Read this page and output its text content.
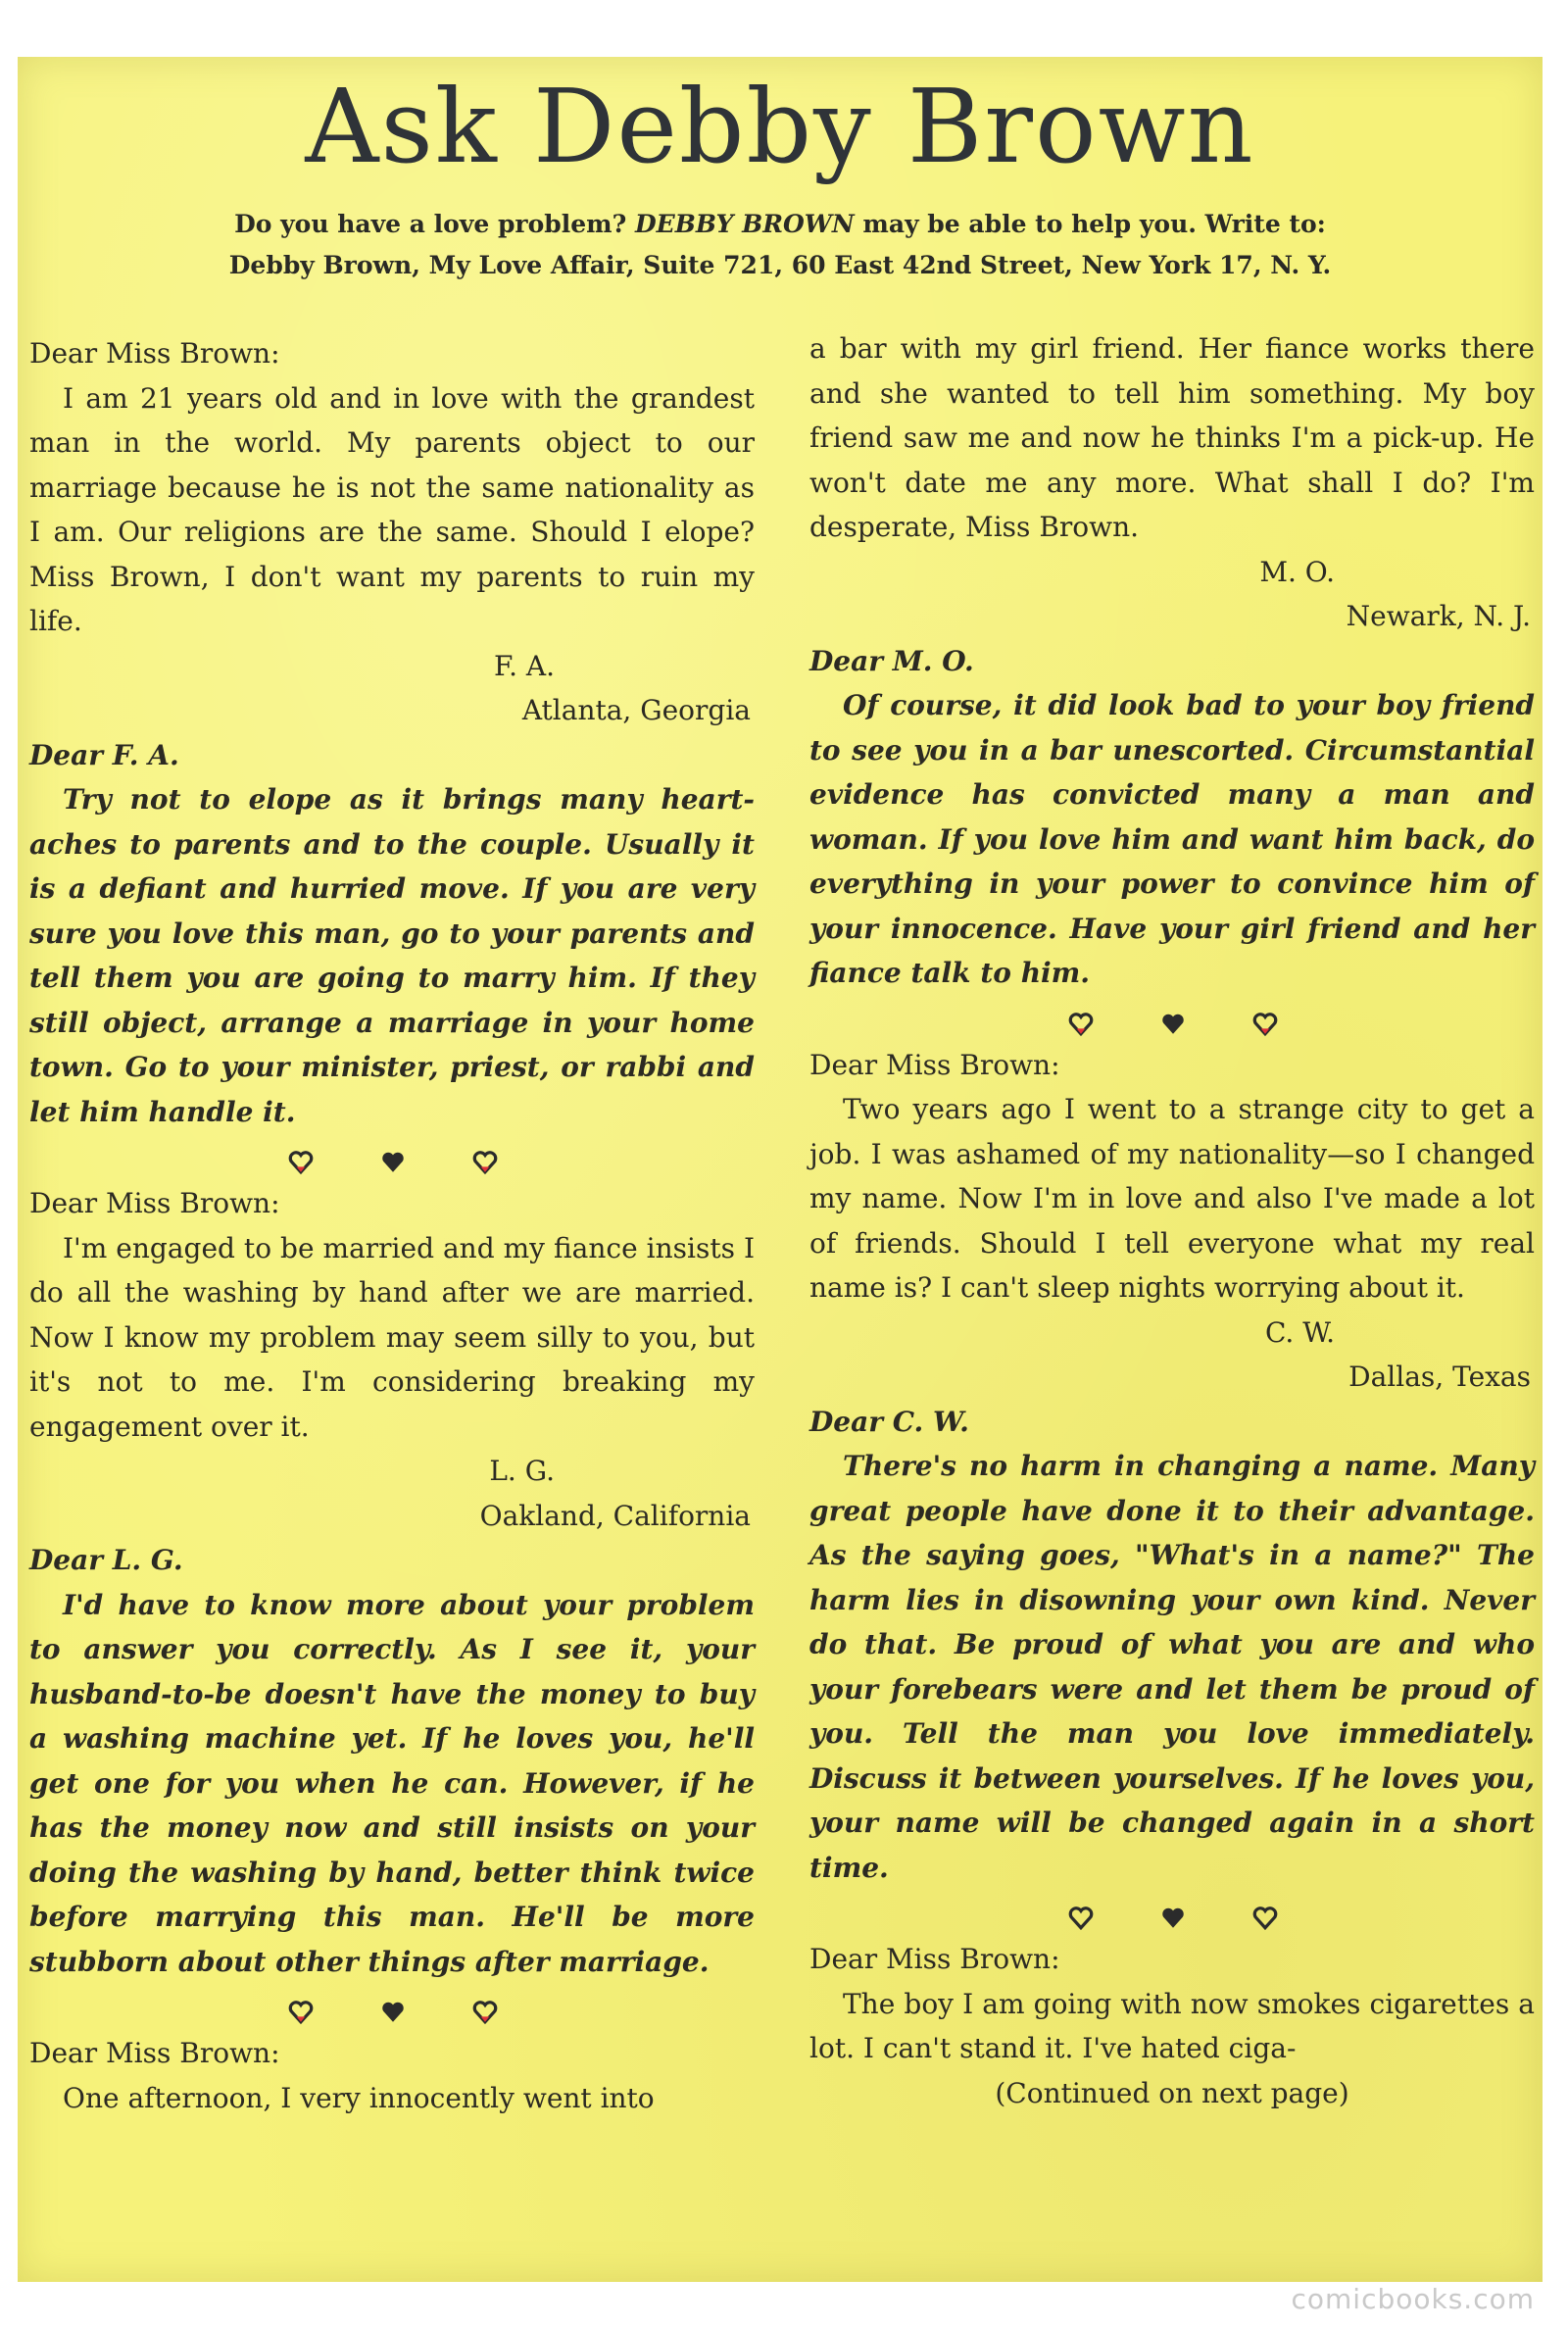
Ask Debby Brown
Do you have a love problem? DEBBY BROWN may be able to help you. Write to:
Debby Brown, My Love Affair, Suite 721, 60 East 42nd Street, New York 17, N. Y.

Dear Miss Brown:

I am 21 years old and in love with the grandest man in the world. My parents object to our marriage because he is not the same nationality as I am. Our religions are the same. Should I elope? Miss Brown, I don't want my parents to ruin my life.

F. A.
Atlanta, Georgia

Dear F. A.

Try not to elope as it brings many heart-aches to parents and to the couple. Usually it is a defiant and hurried move. If you are very sure you love this man, go to your parents and tell them you are going to marry him. If they still object, arrange a marriage in your home town. Go to your minister, priest, or rabbi and let him handle it.

Dear Miss Brown:

I'm engaged to be married and my fiance insists I do all the washing by hand after we are married. Now I know my problem may seem silly to you, but it's not to me. I'm considering breaking my engagement over it.

L. G.
Oakland, California

Dear L. G.

I'd have to know more about your problem to answer you correctly. As I see it, your husband-to-be doesn't have the money to buy a washing machine yet. If he loves you, he'll get one for you when he can. However, if he has the money now and still insists on your doing the washing by hand, better think twice before marrying this man. He'll be more stubborn about other things after marriage.

Dear Miss Brown:

One afternoon, I very innocently went into

a bar with my girl friend. Her fiance works there and she wanted to tell him something. My boy friend saw me and now he thinks I'm a pick-up. He won't date me any more. What shall I do? I'm desperate, Miss Brown.

M. O.
Newark, N. J.

Dear M. O.

Of course, it did look bad to your boy friend to see you in a bar unescorted. Circumstantial evidence has convicted many a man and woman. If you love him and want him back, do everything in your power to convince him of your innocence. Have your girl friend and her fiance talk to him.

Dear Miss Brown:

Two years ago I went to a strange city to get a job. I was ashamed of my nationality—so I changed my name. Now I'm in love and also I've made a lot of friends. Should I tell everyone what my real name is? I can't sleep nights worrying about it.

C. W.
Dallas, Texas

Dear C. W.

There's no harm in changing a name. Many great people have done it to their advantage. As the saying goes, "What's in a name?" The harm lies in disowning your own kind. Never do that. Be proud of what you are and who your forebears were and let them be proud of you. Tell the man you love immediately. Discuss it between yourselves. If he loves you, your name will be changed again in a short time.

Dear Miss Brown:

The boy I am going with now smokes cigarettes a lot. I can't stand it. I've hated ciga-

(Continued on next page)

comicbooks.com
